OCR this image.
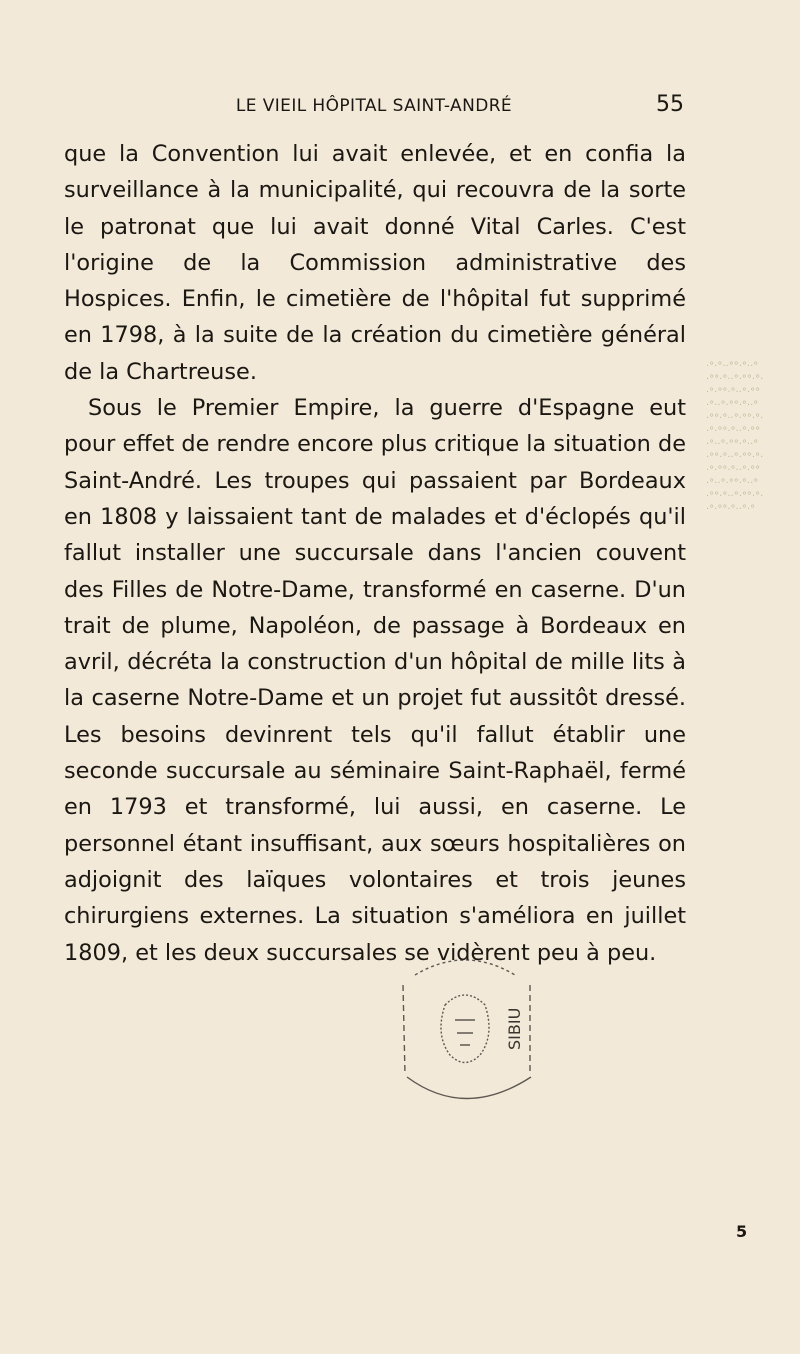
LE VIEIL HÔPITAL SAINT-ANDRÉ	55

que la Convention lui avait enlevée, et en confia la surveillance à la municipalité, qui recouvra de la sorte le patronat que lui avait donné Vital Carles. C'est l'origine de la Commission administrative des Hospices. Enfin, le cimetière de l'hôpital fut supprimé en 1798, à la suite de la création du cimetière général de la Chartreuse.

Sous le Premier Empire, la guerre d'Espagne eut pour effet de rendre encore plus critique la situation de Saint-André. Les troupes qui passaient par Bordeaux en 1808 y laissaient tant de malades et d'éclopés qu'il fallut installer une succursale dans l'ancien couvent des Filles de Notre-Dame, transformé en caserne. D'un trait de plume, Napoléon, de passage à Bordeaux en avril, décréta la construction d'un hôpital de mille lits à la caserne Notre-Dame et un projet fut aussitôt dressé. Les besoins devinrent tels qu'il fallut établir une seconde succursale au séminaire Saint-Raphaël, fermé en 1793 et transformé, lui aussi, en caserne. Le personnel étant insuffisant, aux sœurs hospitalières on adjoignit des laïques volontaires et trois jeunes chirurgiens externes. La situation s'améliora en juillet 1809, et les deux succursales se vidèrent peu à peu.

·°·°··°°·°··°·°°·°··°·°°·°··°·°°·°··°·°°·°··°·°°·°··°·°°·°··°·°°·°··°·°°·°··°·°°·°··°·°°·°··°·°°·°··°·°°·°··°·°°·°··°·°°·°··°·°°·°··°·°°·°··°·°°·°··°·°°·°··°·°
SIBIU
5
